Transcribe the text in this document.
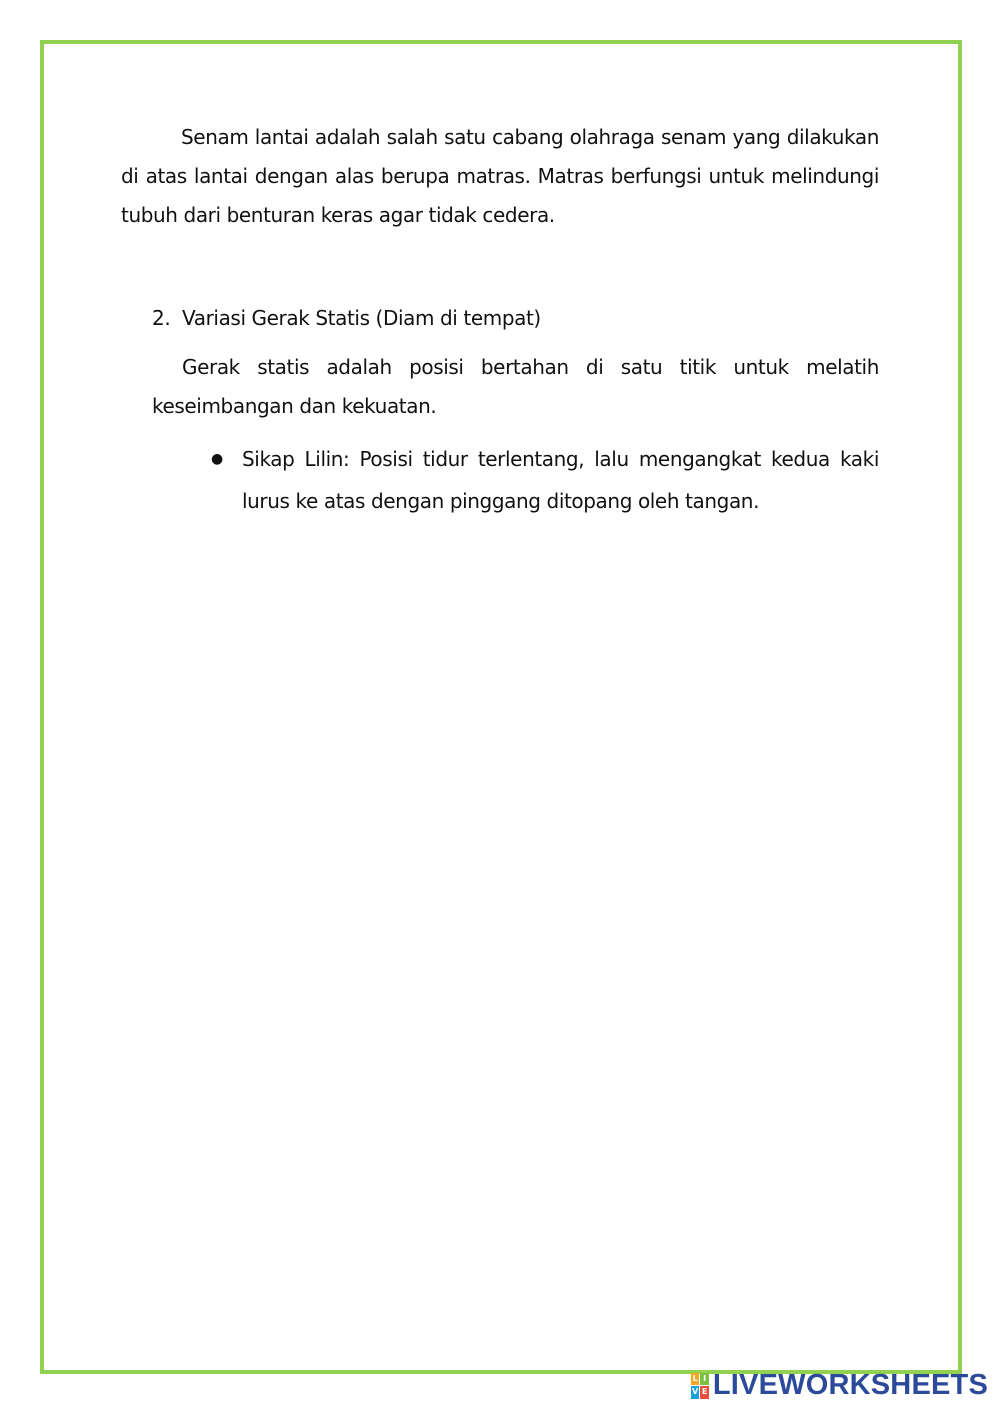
Senam lantai adalah salah satu cabang olahraga senam yang dilakukan di atas lantai dengan alas berupa matras. Matras berfungsi untuk melindungi tubuh dari benturan keras agar tidak cedera.

2. Variasi Gerak Statis (Diam di tempat)

Gerak statis adalah posisi bertahan di satu titik untuk melatih keseimbangan dan kekuatan.

● Sikap Lilin: Posisi tidur terlentang, lalu mengangkat kedua kaki lurus ke atas dengan pinggang ditopang oleh tangan.

L I
V E LIVEWORKSHEETS
